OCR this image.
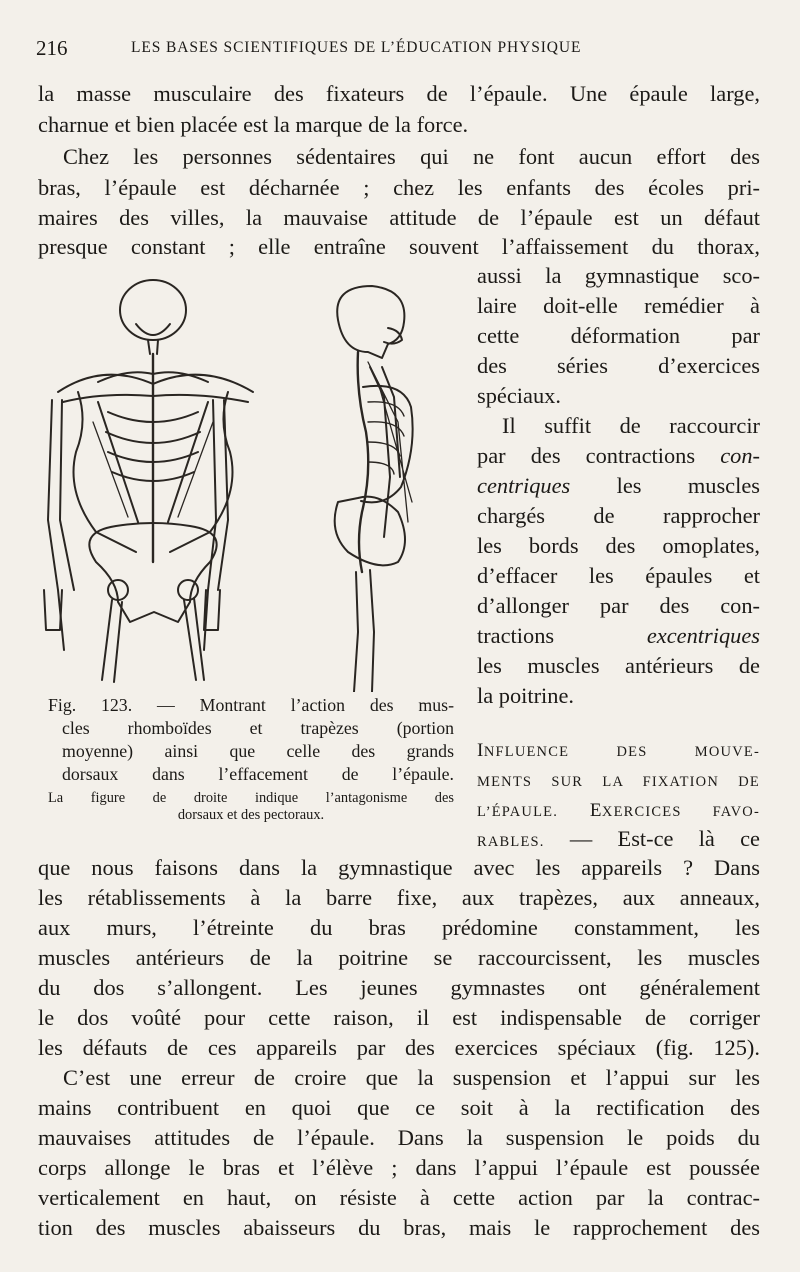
216	LES BASES SCIENTIFIQUES DE L’ÉDUCATION PHYSIQUE
la masse musculaire des fixateurs de l’épaule. Une épaule large,
charnue et bien placée est la marque de la force.
Chez les personnes sédentaires qui ne font aucun effort des
bras, l’épaule est décharnée ; chez les enfants des écoles pri-
maires des villes, la mauvaise attitude de l’épaule est un défaut
presque constant ; elle entraîne souvent l’affaissement du thorax,
aussi la gymnastique sco-
laire doit-elle remédier à
cette déformation par
des séries d’exercices
spéciaux.
Il suffit de raccourcir
par des contractions con-
centriques les muscles
chargés de rapprocher
les bords des omoplates,
d’effacer les épaules et
d’allonger par des con-
tractions	excentriques
les muscles antérieurs de
la poitrine.
Fig. 123. — Montrant l’action des mus-
cles rhomboïdes et trapèzes (portion
moyenne) ainsi que celle des grands
dorsaux dans l’effacement de l’épaule.
La figure de droite indique l’antagonisme des
dorsaux et des pectoraux.
INFLUENCE DES MOUVE-
MENTS SUR LA FIXATION DE
L’ÉPAULE. EXERCICES FAVO-
RABLES. — Est-ce là ce
que nous faisons dans la gymnastique avec les appareils ? Dans
les rétablissements à la barre fixe, aux trapèzes, aux anneaux,
aux murs, l’étreinte du bras prédomine constamment, les
muscles antérieurs de la poitrine se raccourcissent, les muscles
du dos s’allongent. Les jeunes gymnastes ont généralement
le dos voûté pour cette raison, il est indispensable de corriger
les défauts de ces appareils par des exercices spéciaux (fig. 125).
C’est une erreur de croire que la suspension et l’appui sur les
mains contribuent en quoi que ce soit à la rectification des
mauvaises attitudes de l’épaule. Dans la suspension le poids du
corps allonge le bras et l’élève ; dans l’appui l’épaule est poussée
verticalement en haut, on résiste à cette action par la contrac-
tion des muscles abaisseurs du bras, mais le rapprochement des
